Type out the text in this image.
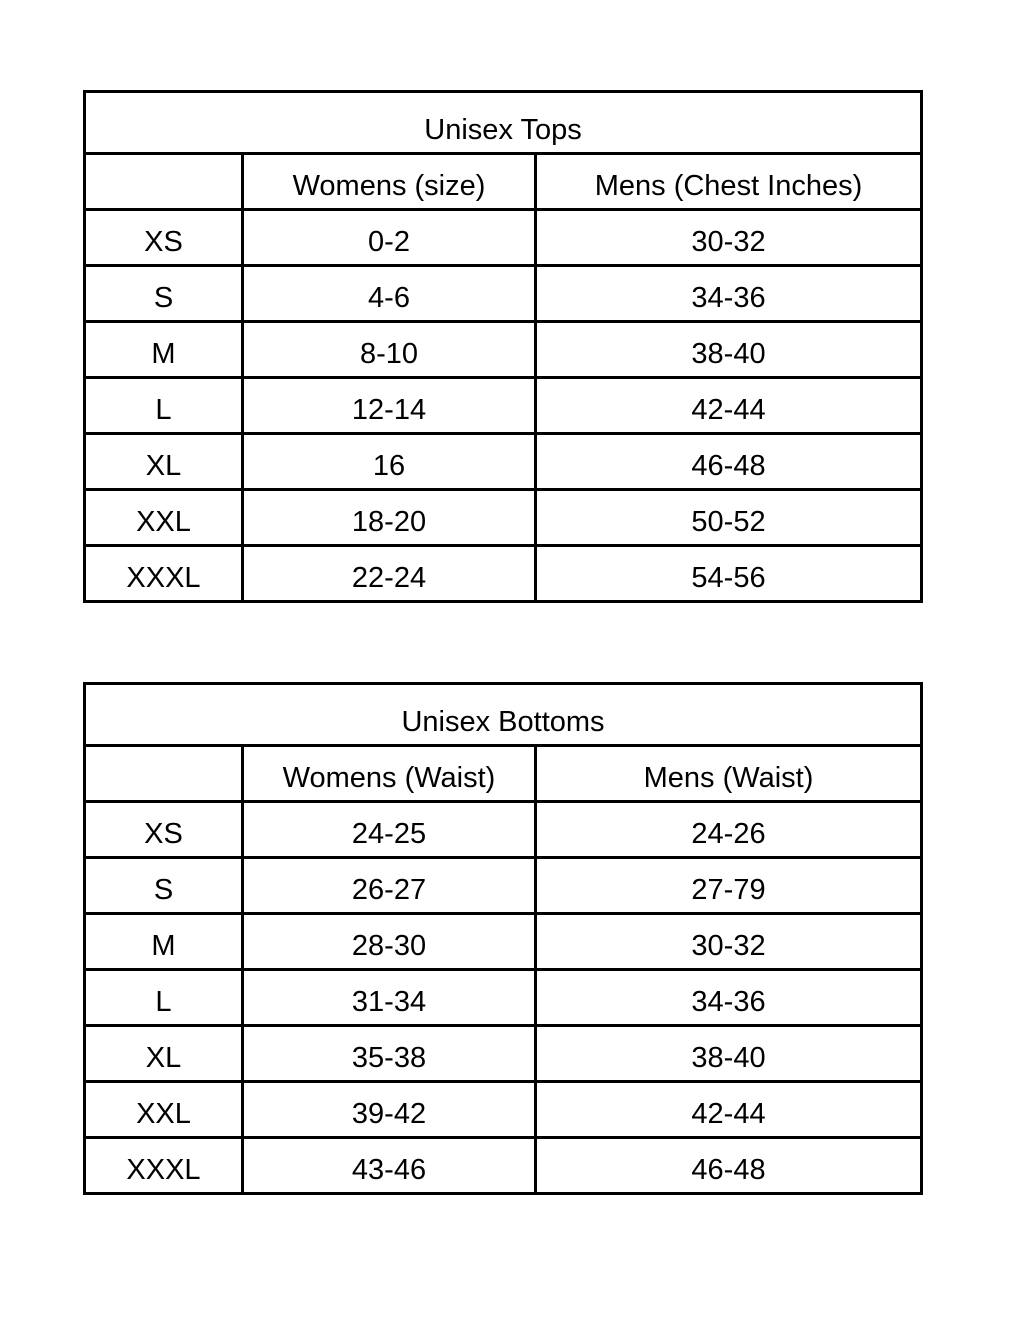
Unisex Tops		
	Womens (size)	Mens (Chest Inches)
XS	0-2	30-32
S	4-6	34-36
M	8-10	38-40
L	12-14	42-44
XL	16	46-48
XXL	18-20	50-52
XXXL	22-24	54-56
Unisex Bottoms		
	Womens (Waist)	Mens (Waist)
XS	24-25	24-26
S	26-27	27-79
M	28-30	30-32
L	31-34	34-36
XL	35-38	38-40
XXL	39-42	42-44
XXXL	43-46	46-48
